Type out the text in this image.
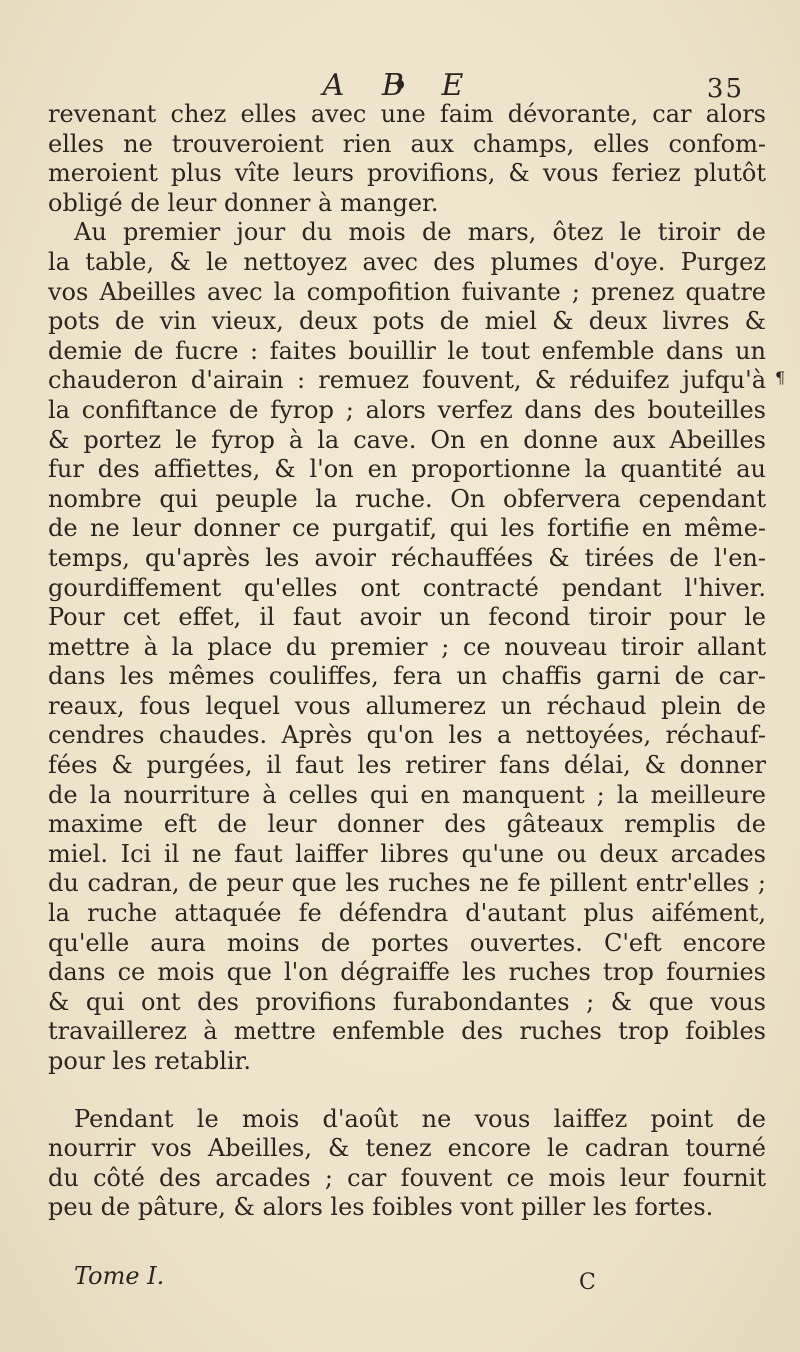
A B E	35
¶
revenant chez elles avec une faim dévorante, car alors
elles ne trouveroient rien aux champs, elles confom-
meroient plus vîte leurs provifions, & vous feriez plutôt
obligé de leur donner à manger.
Au premier jour du mois de mars, ôtez le tiroir de
la table, & le nettoyez avec des plumes d'oye. Purgez
vos Abeilles avec la compofition fuivante ; prenez quatre
pots de vin vieux, deux pots de miel & deux livres &
demie de fucre : faites bouillir le tout enfemble dans un
chauderon d'airain : remuez fouvent, & réduifez jufqu'à
la confiftance de fyrop ; alors verfez dans des bouteilles
& portez le fyrop à la cave. On en donne aux Abeilles
fur des affiettes, & l'on en proportionne la quantité au
nombre qui peuple la ruche. On obfervera cependant
de ne leur donner ce purgatif, qui les fortifie en même-
temps, qu'après les avoir réchauffées & tirées de l'en-
gourdiffement qu'elles ont contracté pendant l'hiver.
Pour cet effet, il faut avoir un fecond tiroir pour le
mettre à la place du premier ; ce nouveau tiroir allant
dans les mêmes couliffes, fera un chaffis garni de car-
reaux, fous lequel vous allumerez un réchaud plein de
cendres chaudes. Après qu'on les a nettoyées, réchauf-
fées & purgées, il faut les retirer fans délai, & donner
de la nourriture à celles qui en manquent ; la meilleure
maxime eft de leur donner des gâteaux remplis de
miel. Ici il ne faut laiffer libres qu'une ou deux arcades
du cadran, de peur que les ruches ne fe pillent entr'elles ;
la ruche attaquée fe défendra d'autant plus aifément,
qu'elle aura moins de portes ouvertes. C'eft encore
dans ce mois que l'on dégraiffe les ruches trop fournies
& qui ont des provifions furabondantes ; & que vous
travaillerez à mettre enfemble des ruches trop foibles
pour les retablir.
Pendant le mois d'août ne vous laiffez point de
nourrir vos Abeilles, & tenez encore le cadran tourné
du côté des arcades ; car fouvent ce mois leur fournit
peu de pâture, & alors les foibles vont piller les fortes.
Tome I.	C
